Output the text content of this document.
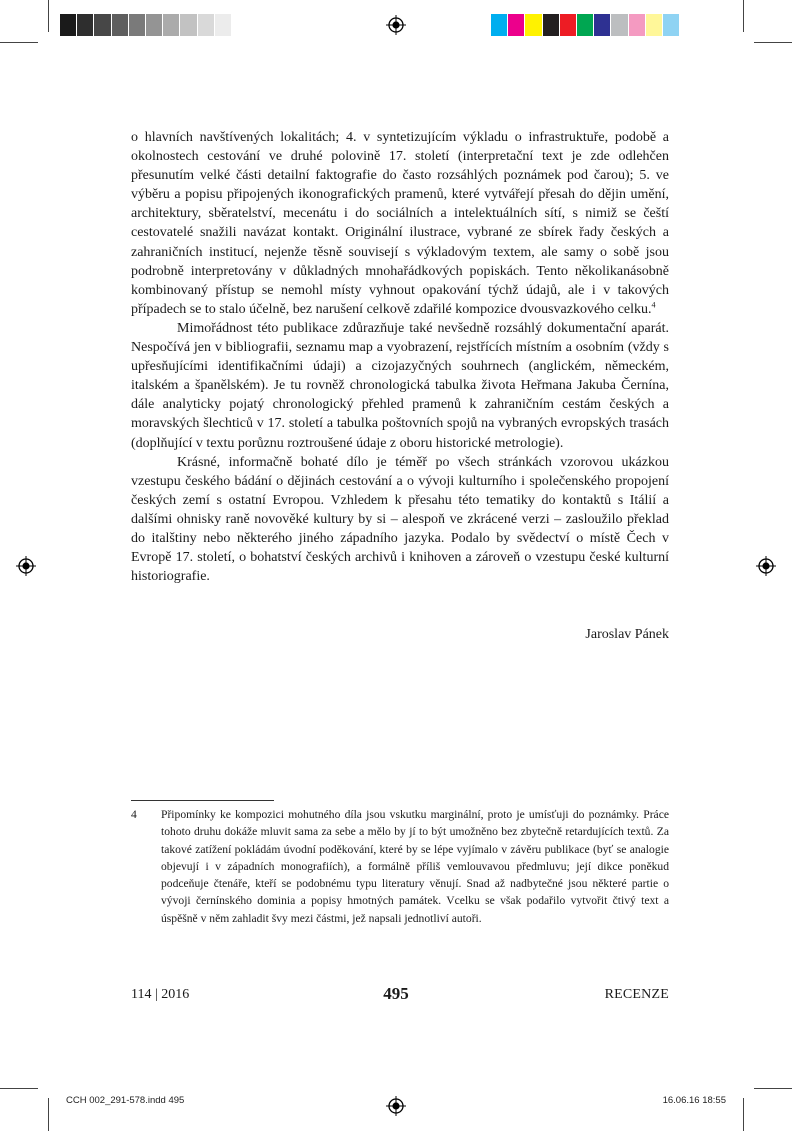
o hlavních navštívených lokalitách; 4. v syntetizujícím výkladu o infrastruktuře, podobě a okolnostech cestování ve druhé polovině 17. století (interpretační text je zde odlehčen přesunutím velké části detailní faktografie do často rozsáhlých poznámek pod čarou); 5. ve výběru a popisu připojených ikonografických pramenů, které vytvářejí přesah do dějin umění, architektury, sběratelství, mecenátu i do sociálních a intelektuálních sítí, s nimiž se čeští cestovatelé snažili navázat kontakt. Originální ilustrace, vybrané ze sbírek řady českých a zahraničních institucí, nejenže těsně souvisejí s výkladovým textem, ale samy o sobě jsou podrobně interpretovány v důkladných mnohařádkových popiskách. Tento několikanásobně kombinovaný přístup se nemohl místy vyhnout opakování týchž údajů, ale i v takových případech se to stalo účelně, bez narušení celkově zdařilé kompozice dvousvazkového celku.$^4$

Mimořádnost této publikace zdůrazňuje také nevšedně rozsáhlý dokumentační aparát. Nespočívá jen v bibliografii, seznamu map a vyobrazení, rejstřících místním a osobním (vždy s upřesňujícími identifikačními údaji) a cizojazyčných souhrnech (anglickém, německém, italském a španělském). Je tu rovněž chronologická tabulka života Heřmana Jakuba Černína, dále analyticky pojatý chronologický přehled pramenů k zahraničním cestám českých a moravských šlechticů v 17. století a tabulka poštovních spojů na vybraných evropských trasách (doplňující v textu porůznu roztroušené údaje z oboru historické metrologie).

Krásné, informačně bohaté dílo je téměř po všech stránkách vzorovou ukázkou vzestupu českého bádání o dějinách cestování a o vývoji kulturního i společenského propojení českých zemí s ostatní Evropou. Vzhledem k přesahu této tematiky do kontaktů s Itálií a dalšími ohnisky raně novověké kultury by si – alespoň ve zkrácené verzi – zasloužilo překlad do italštiny nebo některého jiného západního jazyka. Podalo by svědectví o místě Čech v Evropě 17. století, o bohatství českých archivů i knihoven a zároveň o vzestupu české kulturní historiografie.

Jaroslav Pánek
4 Připomínky ke kompozici mohutného díla jsou vskutku marginální, proto je umísťuji do poznámky. Práce tohoto druhu dokáže mluvit sama za sebe a mělo by jí to být umožněno bez zbytečně retardujících textů. Za takové zatížení pokládám úvodní poděkování, které by se lépe vyjímalo v závěru publikace (byť se analogie objevují i v západních monografiích), a formálně příliš vemlouvavou předmluvu; její dikce poněkud podceňuje čtenáře, kteří se podobnému typu literatury věnují. Snad až nadbytečné jsou některé partie o vývoji černínského dominia a popisy hmotných památek. Vcelku se však podařilo vytvořit čtivý text a úspěšně v něm zahladit švy mezi částmi, jež napsali jednotliví autoři.
114 | 2016	495	RECENZE
CCH 002_291-578.indd 495	16.06.16 18:55
